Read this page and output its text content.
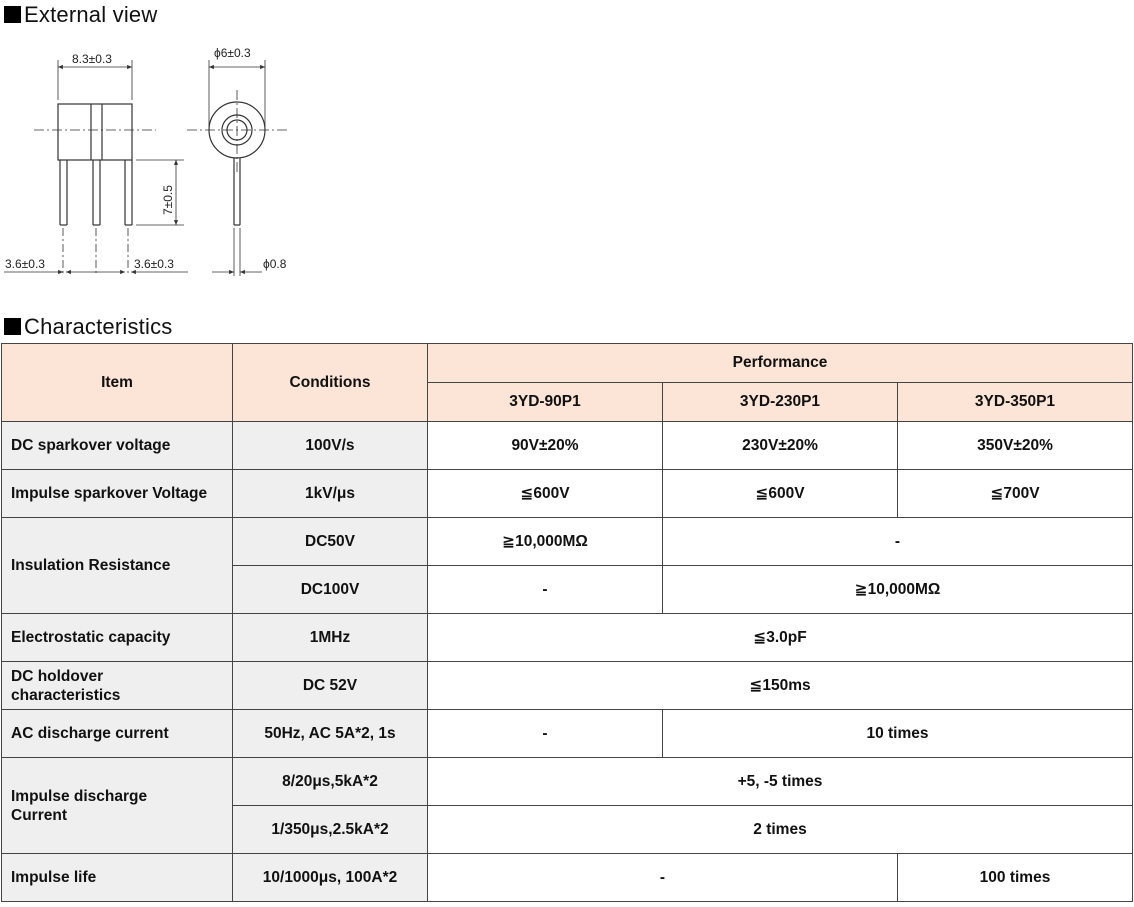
External view
8.3±0.3	ϕ6±0.3
7±0.5
3.6±0.3	3.6±0.3	ϕ0.8
Characteristics
Item	Conditions	Performance		
		3YD-90P1	3YD-230P1	3YD-350P1
DC sparkover voltage	100V/s	90V±20%	230V±20%	350V±20%
Impulse sparkover Voltage	1kV/μs	≦600V	≦600V	≦700V
Insulation Resistance	DC50V	≧10,000MΩ	-	
	DC100V	-	≧10,000MΩ	
Electrostatic capacity	1MHz	≦3.0pF		
DC holdover
characteristics	DC 52V	≦150ms		
AC discharge current	50Hz, AC 5A*2, 1s	-	10 times	
Impulse discharge
Current	8/20μs,5kA*2	+5, -5 times		
	1/350μs,2.5kA*2	2 times		
Impulse life	10/1000μs, 100A*2	-		100 times
